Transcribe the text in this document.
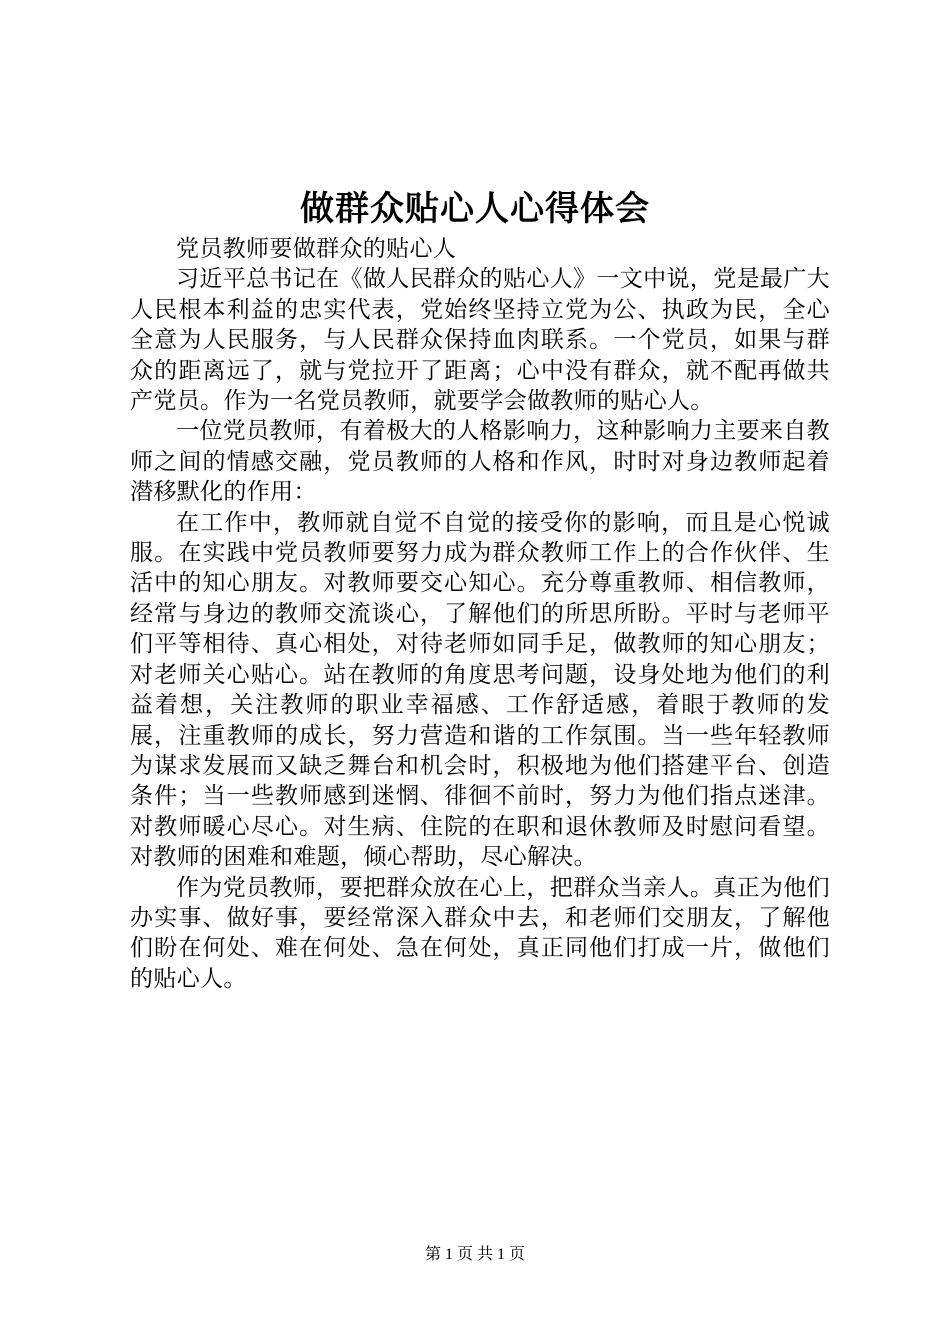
做群众贴心人心得体会

党员教师要做群众的贴心人

习近平总书记在《做人民群众的贴心人》一文中说，党是最广大人民根本利益的忠实代表，党始终坚持立党为公、执政为民，全心全意为人民服务，与人民群众保持血肉联系。一个党员，如果与群众的距离远了，就与党拉开了距离；心中没有群众，就不配再做共产党员。作为一名党员教师，就要学会做教师的贴心人。

一位党员教师，有着极大的人格影响力，这种影响力主要来自教师之间的情感交融，党员教师的人格和作风，时时对身边教师起着潜移默化的作用：

在工作中，教师就自觉不自觉的接受你的影响，而且是心悦诚服。在实践中党员教师要努力成为群众教师工作上的合作伙伴、生活中的知心朋友。对教师要交心知心。充分尊重教师、相信教师，经常与身边的教师交流谈心，了解他们的所思所盼。平时与老师平们平等相待、真心相处，对待老师如同手足，做教师的知心朋友；对老师关心贴心。站在教师的角度思考问题，设身处地为他们的利益着想，关注教师的职业幸福感、工作舒适感，着眼于教师的发展，注重教师的成长，努力营造和谐的工作氛围。当一些年轻教师为谋求发展而又缺乏舞台和机会时，积极地为他们搭建平台、创造条件；当一些教师感到迷惘、徘徊不前时，努力为他们指点迷津。对教师暖心尽心。对生病、住院的在职和退休教师及时慰问看望。对教师的困难和难题，倾心帮助，尽心解决。

作为党员教师，要把群众放在心上，把群众当亲人。真正为他们办实事、做好事，要经常深入群众中去，和老师们交朋友，了解他们盼在何处、难在何处、急在何处，真正同他们打成一片，做他们的贴心人。

第 1 页 共 1 页
